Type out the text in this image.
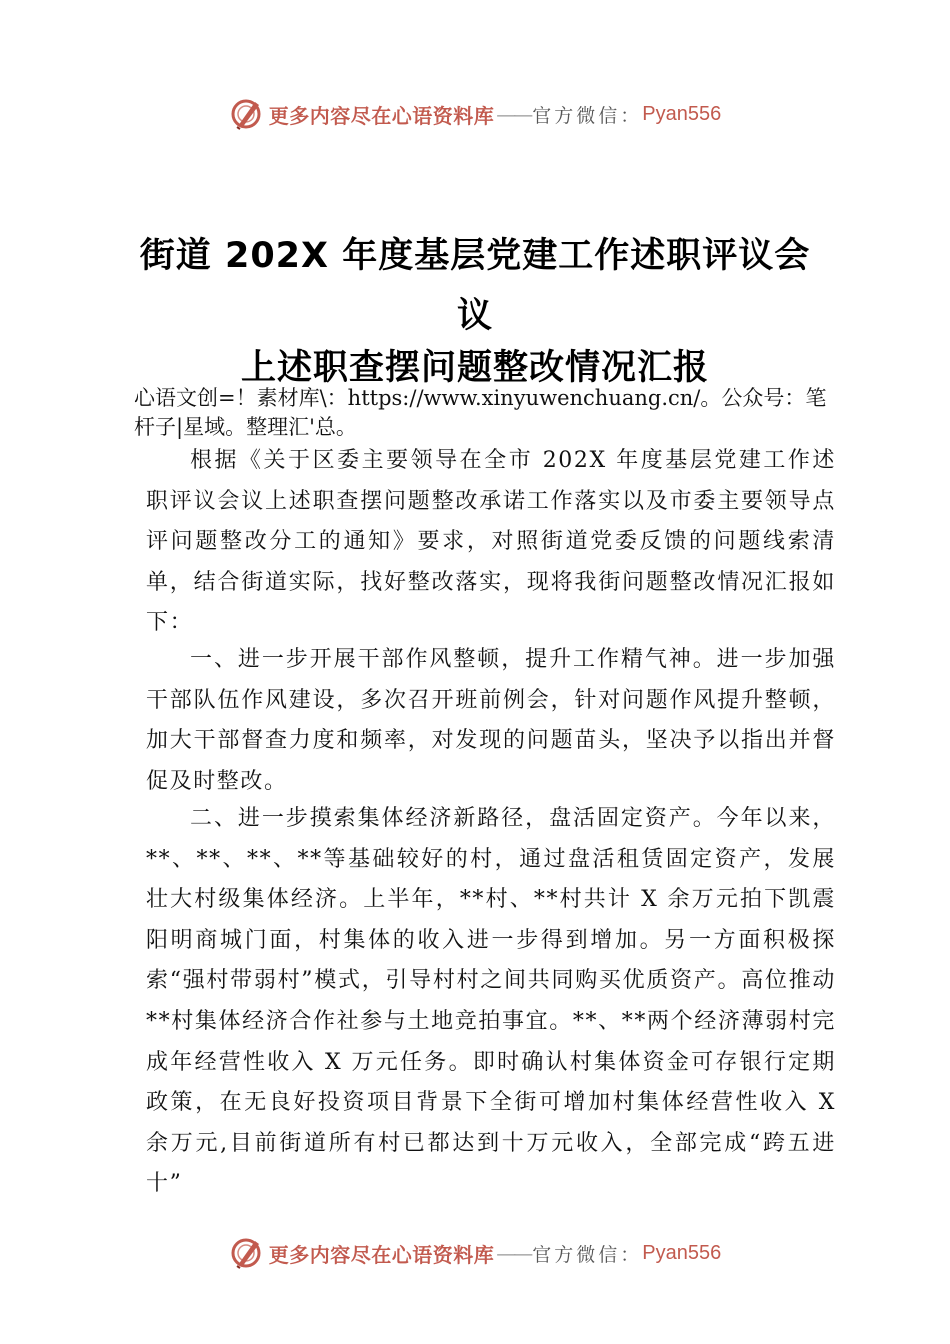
更多内容尽在心语资料库 —— 官方微信： Pyan556
街道 202X 年度基层党建工作述职评议会
议
上述职查摆问题整改情况汇报
心语文创=！素材库\：https://www.xinyuwenchuang.cn/。公众号：笔杆子|星域。整理汇'总。
根据《关于区委主要领导在全市 202X 年度基层党建工作述职评议会议上述职查摆问题整改承诺工作落实以及市委主要领导点评问题整改分工的通知》要求，对照街道党委反馈的问题线索清单，结合街道实际，找好整改落实，现将我街问题整改情况汇报如下：
一、进一步开展干部作风整顿，提升工作精气神。进一步加强干部队伍作风建设，多次召开班前例会，针对问题作风提升整顿，加大干部督查力度和频率，对发现的问题苗头，坚决予以指出并督促及时整改。
二、进一步摸索集体经济新路径，盘活固定资产。今年以来，**、**、**、**等基础较好的村，通过盘活租赁固定资产，发展壮大村级集体经济。上半年，**村、**村共计 X 余万元拍下凯震阳明商城门面，村集体的收入进一步得到增加。另一方面积极探索“强村带弱村”模式，引导村村之间共同购买优质资产。高位推动**村集体经济合作社参与土地竞拍事宜。**、**两个经济薄弱村完成年经营性收入 X 万元任务。即时确认村集体资金可存银行定期政策，在无良好投资项目背景下全街可增加村集体经营性收入 X 余万元,目前街道所有村已都达到十万元收入，全部完成“跨五进十”
更多内容尽在心语资料库 —— 官方微信： Pyan556
